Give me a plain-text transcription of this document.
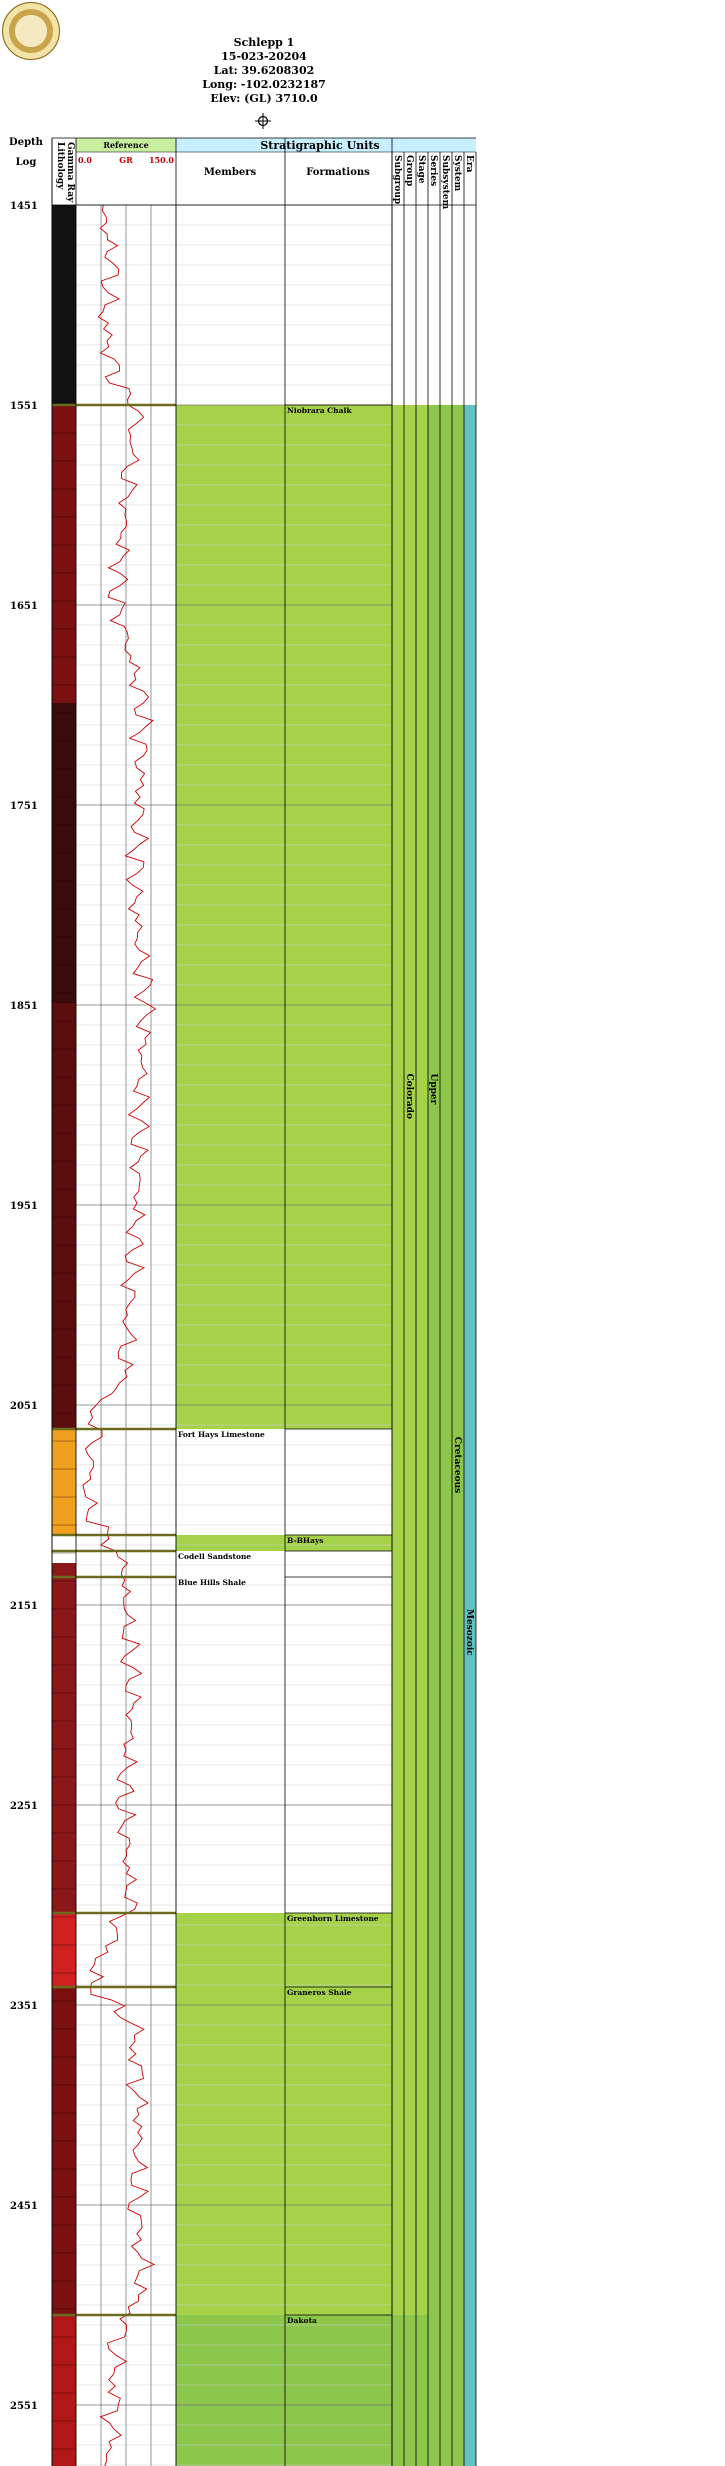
Schlepp 1
15-023-20204
Lat: 39.6208302
Long: -102.0232187
Elev: (GL) 3710.0
Depth
Log Lithology Gamma Ray	Reference
0.0	GR 150.0
Stratigraphic Units
Members	Formations Subgroup Group Stage Series Subsystem System Era
1451
1551
1651
1751
1851
1951
2051
2151
2251
2351
2451
2551
Niobrara Chalk
B-BHays
Greenhorn Limestone
Graneros Shale
Dakota
Fort Hays Limestone
Codell Sandstone
Blue Hills Shale
Colorado Upper
Cretaceous
Mesozoic
